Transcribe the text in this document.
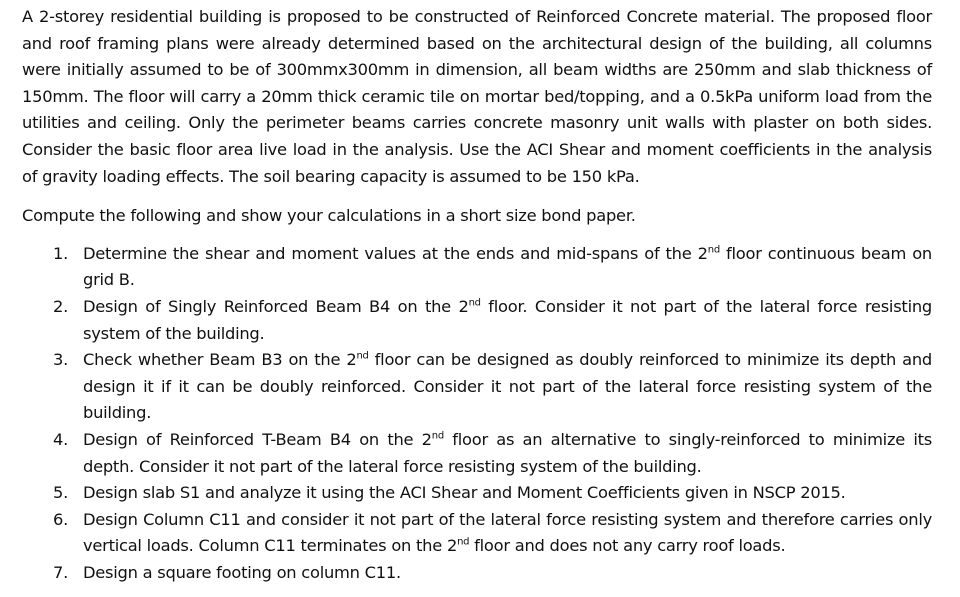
A 2-storey residential building is proposed to be constructed of Reinforced Concrete material. The proposed floor and roof framing plans were already determined based on the architectural design of the building, all columns were initially assumed to be of 300mmx300mm in dimension, all beam widths are 250mm and slab thickness of 150mm. The floor will carry a 20mm thick ceramic tile on mortar bed/topping, and a 0.5kPa uniform load from the utilities and ceiling. Only the perimeter beams carries concrete masonry unit walls with plaster on both sides. Consider the basic floor area live load in the analysis. Use the ACI Shear and moment coefficients in the analysis of gravity loading effects. The soil bearing capacity is assumed to be 150 kPa.

Compute the following and show your calculations in a short size bond paper.

1. Determine the shear and moment values at the ends and mid-spans of the 2nd floor continuous beam on grid B.
2. Design of Singly Reinforced Beam B4 on the 2nd floor. Consider it not part of the lateral force resisting system of the building.
3. Check whether Beam B3 on the 2nd floor can be designed as doubly reinforced to minimize its depth and design it if it can be doubly reinforced. Consider it not part of the lateral force resisting system of the building.
4. Design of Reinforced T-Beam B4 on the 2nd floor as an alternative to singly-reinforced to minimize its depth. Consider it not part of the lateral force resisting system of the building.
5. Design slab S1 and analyze it using the ACI Shear and Moment Coefficients given in NSCP 2015.
6. Design Column C11 and consider it not part of the lateral force resisting system and therefore carries only vertical loads. Column C11 terminates on the 2nd floor and does not any carry roof loads.
7. Design a square footing on column C11.
